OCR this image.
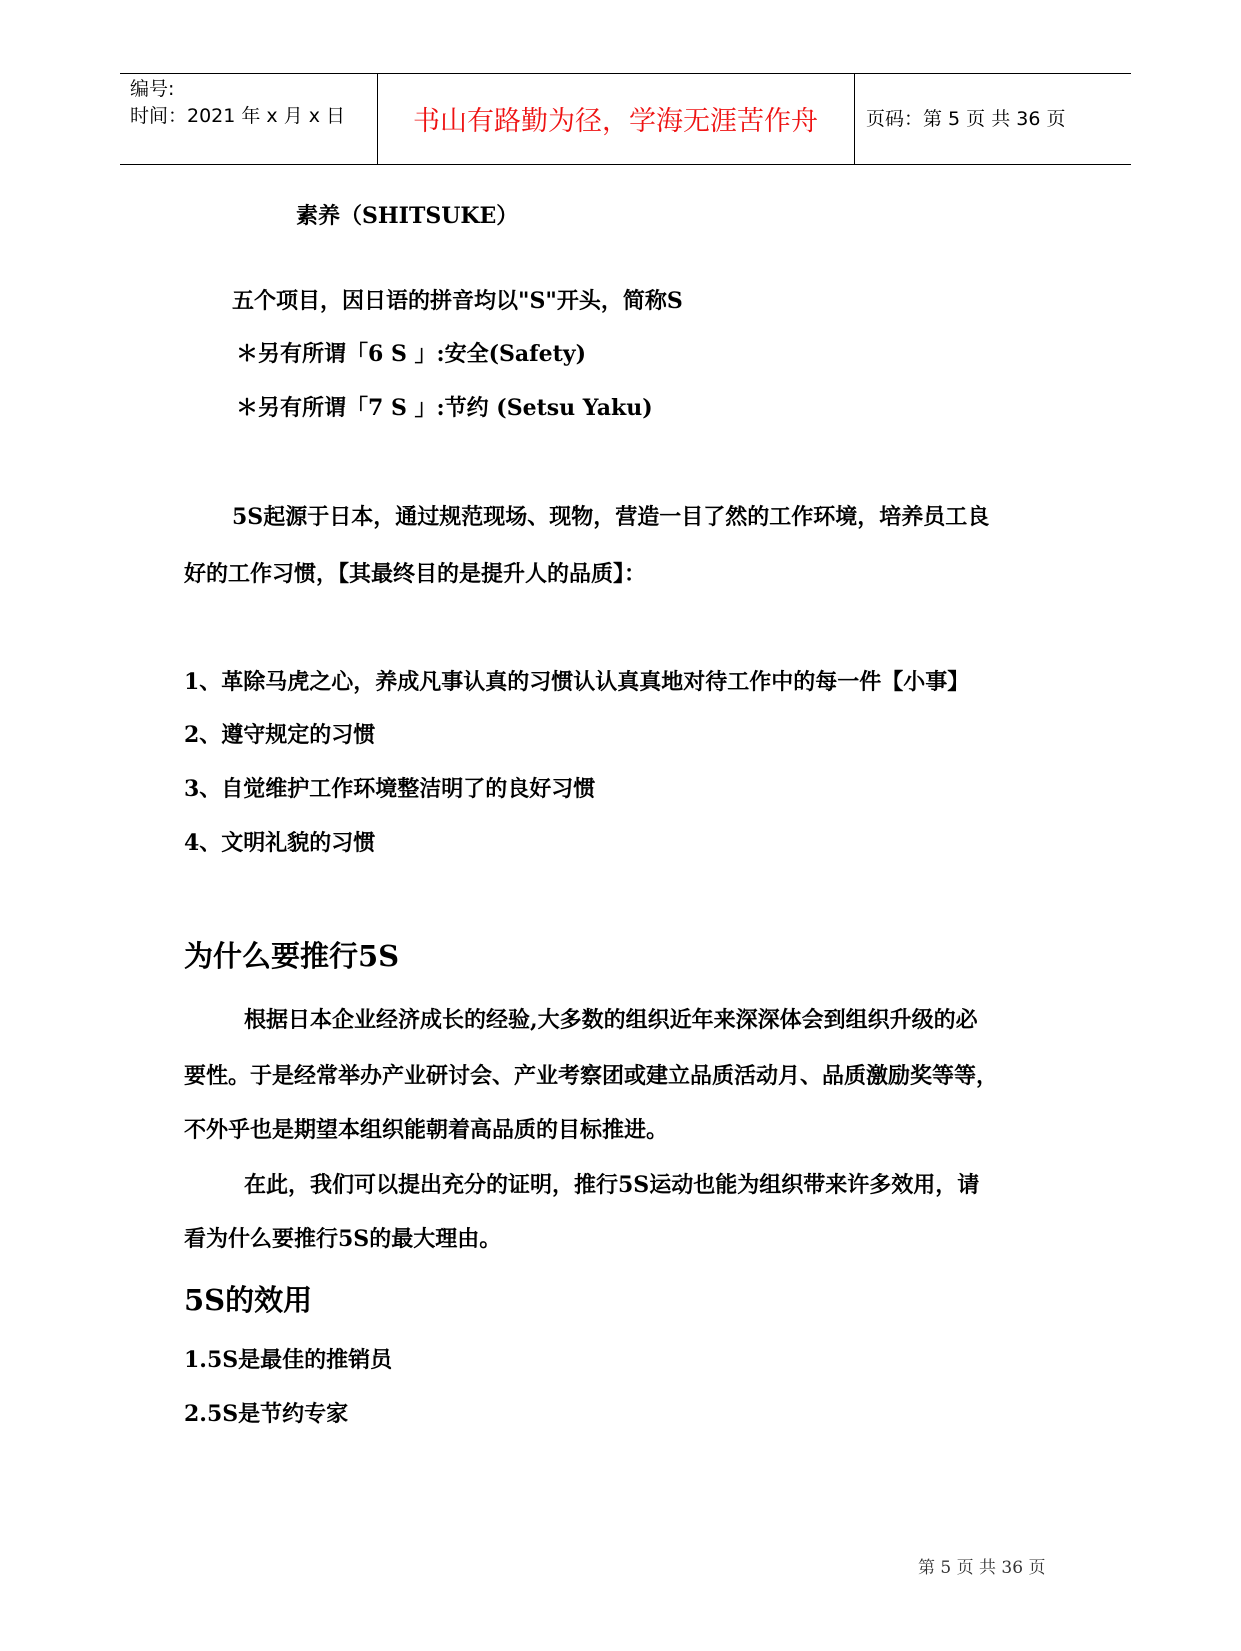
编号:
时间：2021 年 x 月 x 日	书山有路勤为径，学海无涯苦作舟	页码：第 5 页 共 36 页
素养（SHITSUKE）
五个项目，因日语的拼音均以"S"开头，简称S
＊另有所谓「6 S 」:安全(Safety)
＊另有所谓「7 S 」:节约 (Setsu Yaku)
5S起源于日本，通过规范现场、现物，营造一目了然的工作环境，培养员工良
好的工作习惯，【其最终目的是提升人的品质】：
1、革除马虎之心，养成凡事认真的习惯认认真真地对待工作中的每一件【小事】
2、遵守规定的习惯
3、自觉维护工作环境整洁明了的良好习惯
4、文明礼貌的习惯
为什么要推行5S
根据日本企业经济成长的经验,大多数的组织近年来深深体会到组织升级的必
要性。于是经常举办产业研讨会、产业考察团或建立品质活动月、品质激励奖等等，
不外乎也是期望本组织能朝着高品质的目标推进。
在此，我们可以提出充分的证明，推行5S运动也能为组织带来许多效用，请
看为什么要推行5S的最大理由。
5S的效用
1.5S是最佳的推销员
2.5S是节约专家
第 5 页 共 36 页
